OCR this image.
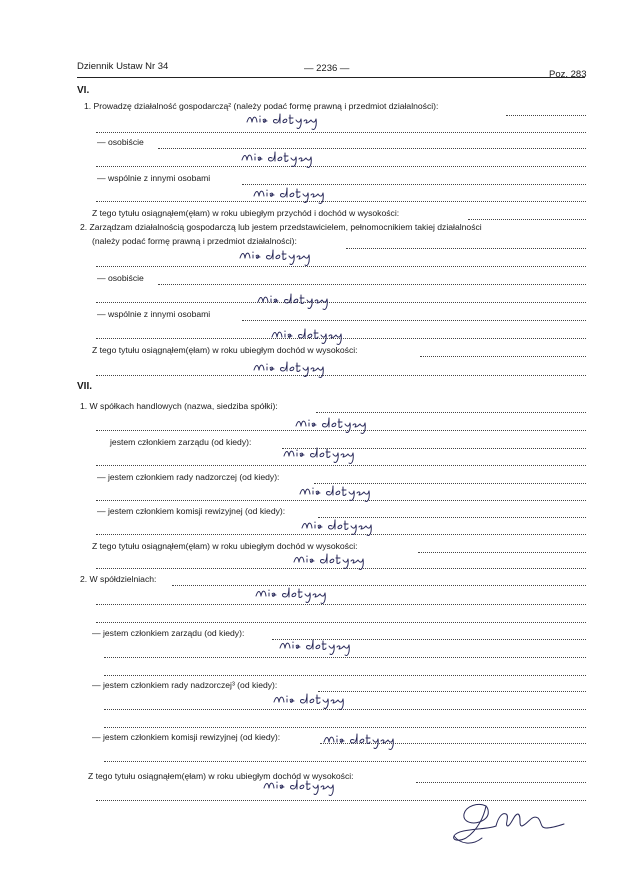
Dziennik Ustaw Nr 34	— 2236 —
Poz. 283
VI.
1. Prowadzę działalność gospodarczą² (należy podać formę prawną i przedmiot działalności):
— osobiście
— wspólnie z innymi osobami
Z tego tytułu osiągnąłem(ęłam) w roku ubiegłym przychód i dochód w wysokości:
2. Zarządzam działalnością gospodarczą lub jestem przedstawicielem, pełnomocnikiem takiej działalności
(należy podać formę prawną i przedmiot działalności):
— osobiście
— wspólnie z innymi osobami
Z tego tytułu osiągnąłem(ęłam) w roku ubiegłym dochód w wysokości:
VII.
1. W spółkach handlowych (nazwa, siedziba spółki):
jestem członkiem zarządu (od kiedy):
— jestem członkiem rady nadzorczej (od kiedy):
— jestem członkiem komisji rewizyjnej (od kiedy):
Z tego tytułu osiągnąłem(ęłam) w roku ubiegłym dochód w wysokości:
2. W spółdzielniach:
— jestem członkiem zarządu (od kiedy):
— jestem członkiem rady nadzorczej³ (od kiedy):
— jestem członkiem komisji rewizyjnej (od kiedy):
Z tego tytułu osiągnąłem(ęłam) w roku ubiegłym dochód w wysokości:
